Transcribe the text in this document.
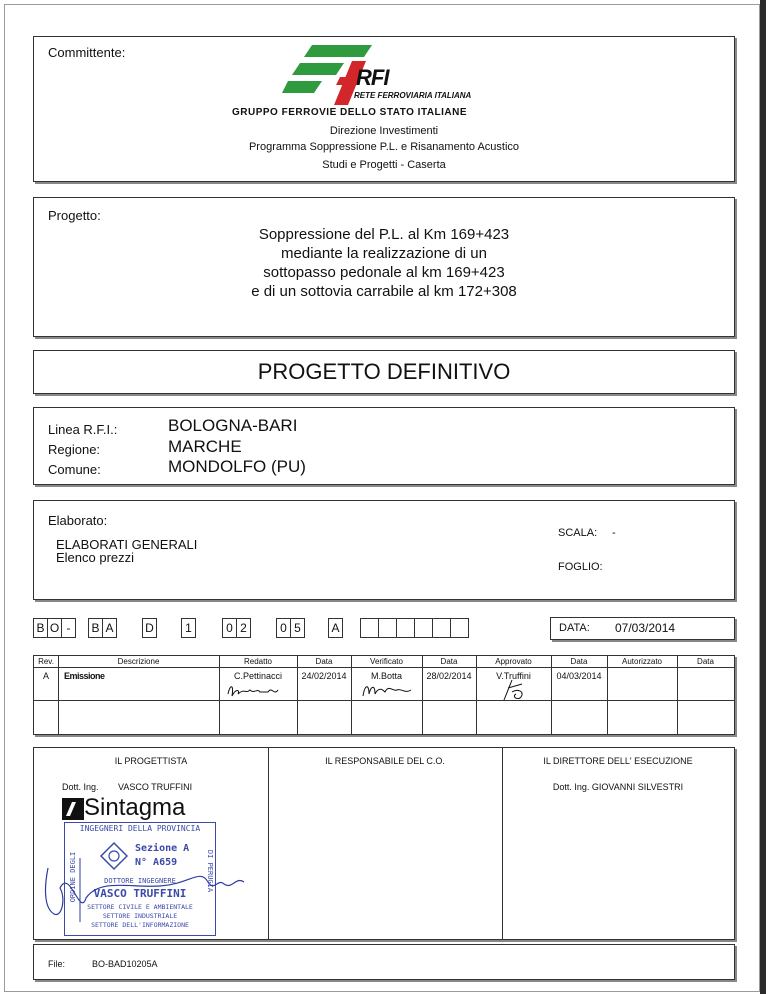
Committente:
RFI
RETE FERROVIARIA ITALIANA
GRUPPO FERROVIE DELLO STATO ITALIANE
Direzione Investimenti
Programma Soppressione P.L. e Risanamento Acustico
Studi e Progetti - Caserta
Progetto:
Soppressione del P.L. al Km 169+423
mediante la realizzazione di un
sottopasso pedonale al km 169+423
e di un sottovia carrabile al km 172+308
PROGETTO DEFINITIVO
Linea R.F.I.:	BOLOGNA-BARI
Regione:	MARCHE
Comune:	MONDOLFO (PU)
Elaborato:
ELABORATI GENERALI
Elenco prezzi
SCALA: -
FOGLIO:
B O -	B A	D	1	0 2	0 5	A	DATA: 07/03/2014
Rev.	Descrizione	Redatto	Data	Verificato	Data	Approvato	Data	Autorizzato	Data
A	Emissione	C.Pettinacci	24/02/2014	M.Botta	28/02/2014	V.Truffini	04/03/2014
IL PROGETTISTA
Dott. Ing. VASCO TRUFFINI
IL RESPONSABILE DEL C.O.	IL DIRETTORE DELL' ESECUZIONE
Dott. Ing. GIOVANNI SILVESTRI
Sintagma
INGEGNERI DELLA PROVINCIA
ORDINE DEGLI	DI PERUGIA
Sezione A
N° A659
DOTTORE INGEGNERE
VASCO TRUFFINI
SETTORE CIVILE E AMBIENTALE
SETTORE INDUSTRIALE
SETTORE DELL'INFORMAZIONE
File:	BO-BAD10205A
